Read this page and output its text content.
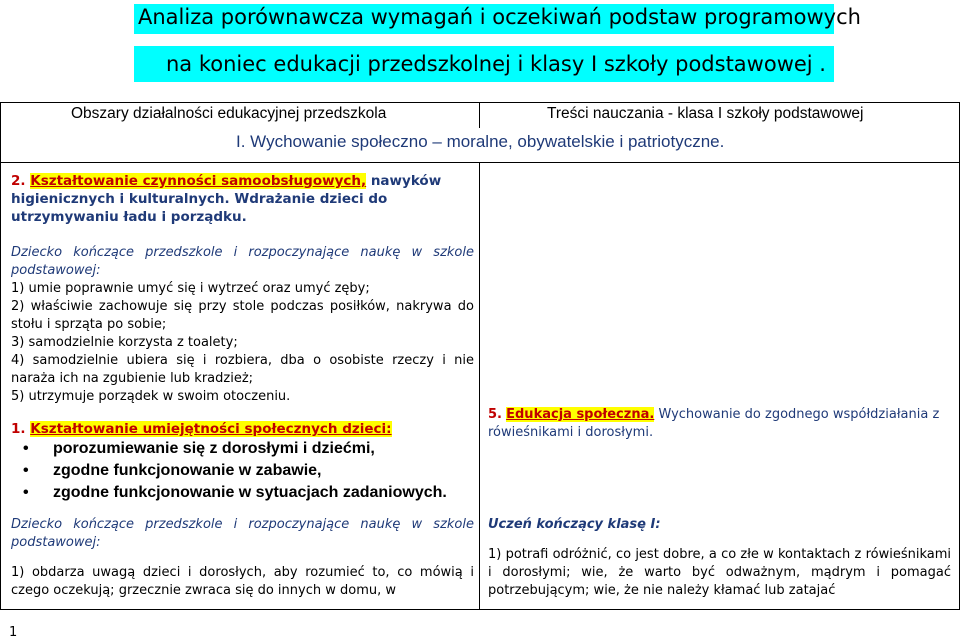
Analiza porównawcza wymagań i oczekiwań podstaw programowych
na koniec edukacji przedszkolnej i klasy I szkoły podstawowej .
Obszary działalności edukacyjnej przedszkola	Treści nauczania - klasa I szkoły podstawowej
I. Wychowanie społeczno – moralne, obywatelskie i patriotyczne.

2. Kształtowanie czynności samoobsługowych, nawyków

higienicznych i kulturalnych. Wdrażanie dzieci do

utrzymywaniu ładu i porządku.

Dziecko kończące przedszkole i rozpoczynające naukę w szkole podstawowej:

1) umie poprawnie umyć się i wytrzeć oraz umyć zęby;

2) właściwie zachowuje się przy stole podczas posiłków, nakrywa do stołu i sprząta po sobie;

3) samodzielnie korzysta z toalety;

4) samodzielnie ubiera się i rozbiera, dba o osobiste rzeczy i nie naraża ich na zgubienie lub kradzież;

5) utrzymuje porządek w swoim otoczeniu.

1. Kształtowanie umiejętności społecznych dzieci:
• porozumiewanie się z dorosłymi i dziećmi,
• zgodne funkcjonowanie w zabawie,
• zgodne funkcjonowanie w sytuacjach zadaniowych.

Dziecko kończące przedszkole i rozpoczynające naukę w szkole podstawowej:

1) obdarza uwagą dzieci i dorosłych, aby rozumieć to, co mówią i czego oczekują; grzecznie zwraca się do innych w domu, w

5. Edukacja społeczna. Wychowanie do zgodnego współdziałania z rówieśnikami i dorosłymi.

Uczeń kończący klasę I:

1) potrafi odróżnić, co jest dobre, a co złe w kontaktach z rówieśnikami i dorosłymi; wie, że warto być odważnym, mądrym i pomagać potrzebującym; wie, że nie należy kłamać lub zatajać

1
